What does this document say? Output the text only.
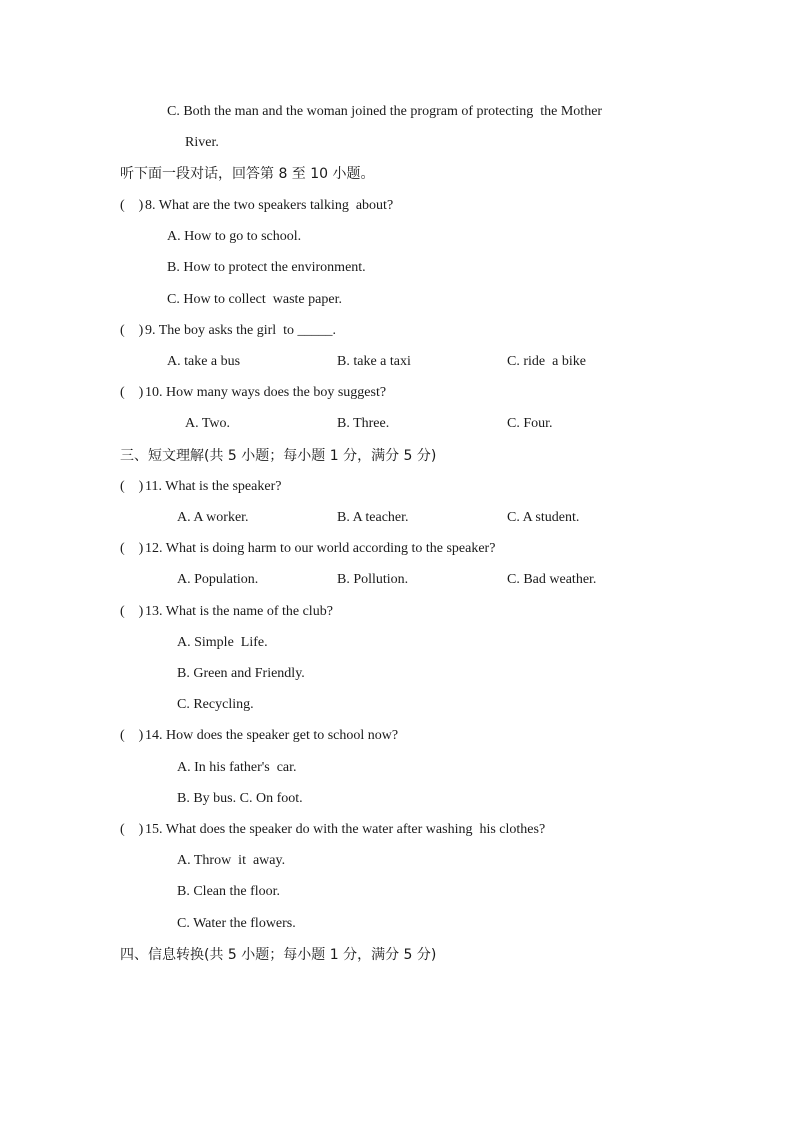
C. Both the man and the woman joined the program of protecting  the Mother
River.
听下面一段对话，回答第 8 至 10 小题。
(    ) 8. What are the two speakers talking  about?
A. How to go to school.
B. How to protect the environment.
C. How to collect  waste paper.
(    ) 9. The boy asks the girl  to _____.
A. take a bus	B. take a taxi	C. ride  a bike
(    ) 10. How many ways does the boy suggest?
A. Two.	B. Three.	C. Four.
三、短文理解(共 5 小题；每小题 1 分，满分 5 分)
(    ) 11. What is the speaker?
A. A worker.	B. A teacher.	C. A student.
(    ) 12. What is doing harm to our world according to the speaker?
A. Population.	B. Pollution.	C. Bad weather.
(    ) 13. What is the name of the club?
A. Simple  Life.
B. Green and Friendly.
C. Recycling.
(    ) 14. How does the speaker get to school now?
A. In his father's  car.
B. By bus. C. On foot.
(    ) 15. What does the speaker do with the water after washing  his clothes?
A. Throw  it  away.
B. Clean the floor.
C. Water the flowers.
四、信息转换(共 5 小题；每小题 1 分，满分 5 分)
